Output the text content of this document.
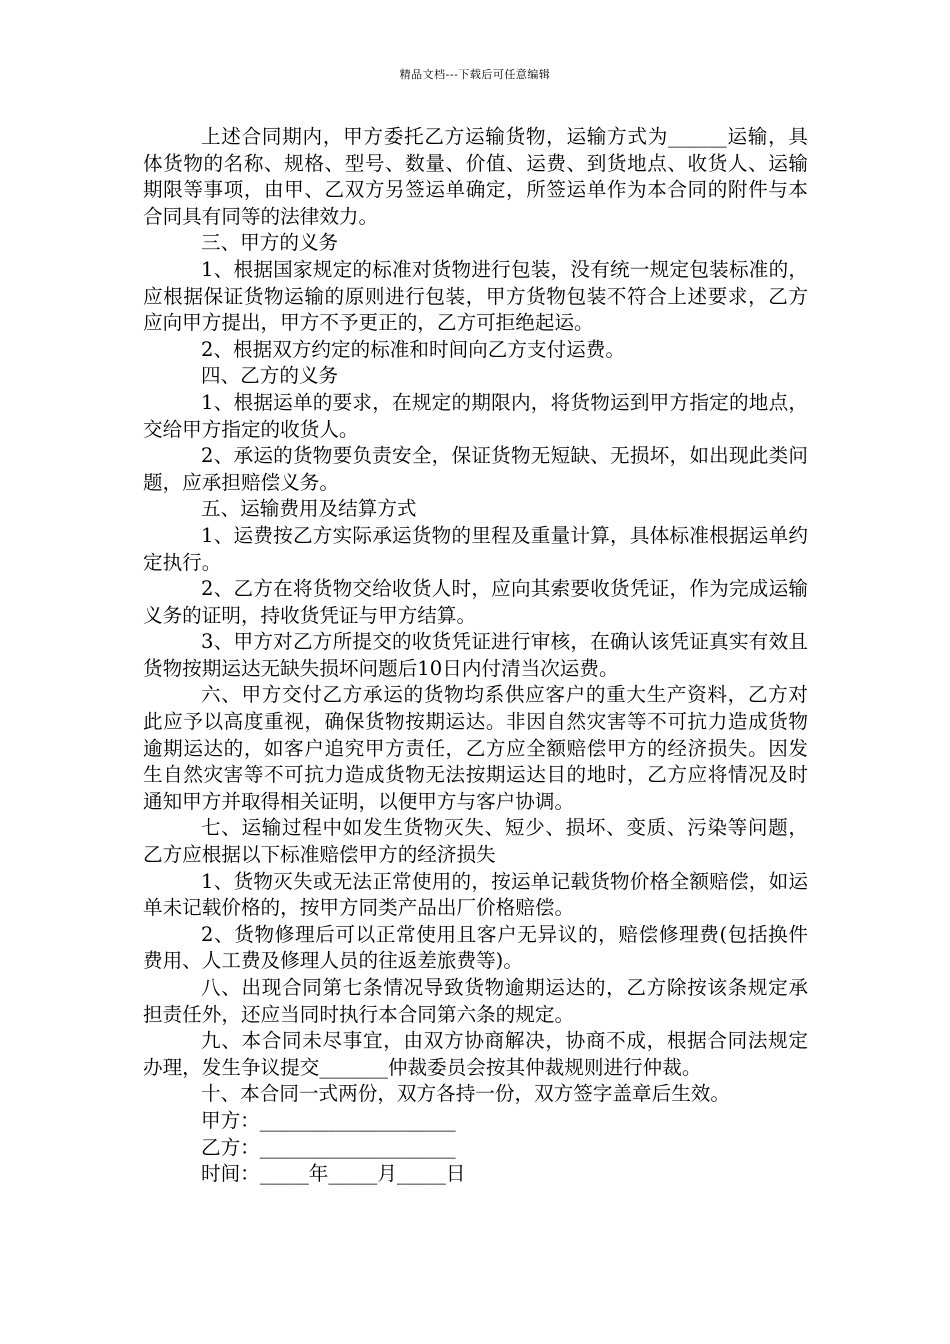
精品文档---下载后可任意编辑

上述合同期内，甲方委托乙方运输货物，运输方式为______运输，具体货物的名称、规格、型号、数量、价值、运费、到货地点、收货人、运输期限等事项，由甲、乙双方另签运单确定，所签运单作为本合同的附件与本合同具有同等的法律效力。

三、甲方的义务

1、根据国家规定的标准对货物进行包装，没有统一规定包装标准的，应根据保证货物运输的原则进行包装，甲方货物包装不符合上述要求，乙方应向甲方提出，甲方不予更正的，乙方可拒绝起运。

2、根据双方约定的标准和时间向乙方支付运费。

四、乙方的义务

1、根据运单的要求，在规定的期限内，将货物运到甲方指定的地点，交给甲方指定的收货人。

2、承运的货物要负责安全，保证货物无短缺、无损坏，如出现此类问题，应承担赔偿义务。

五、运输费用及结算方式

1、运费按乙方实际承运货物的里程及重量计算，具体标准根据运单约定执行。

2、乙方在将货物交给收货人时，应向其索要收货凭证，作为完成运输义务的证明，持收货凭证与甲方结算。

3、甲方对乙方所提交的收货凭证进行审核，在确认该凭证真实有效且货物按期运达无缺失损坏问题后10日内付清当次运费。

六、甲方交付乙方承运的货物均系供应客户的重大生产资料，乙方对此应予以高度重视，确保货物按期运达。非因自然灾害等不可抗力造成货物逾期运达的，如客户追究甲方责任，乙方应全额赔偿甲方的经济损失。因发生自然灾害等不可抗力造成货物无法按期运达目的地时，乙方应将情况及时通知甲方并取得相关证明，以便甲方与客户协调。

七、运输过程中如发生货物灭失、短少、损坏、变质、污染等问题，乙方应根据以下标准赔偿甲方的经济损失

1、货物灭失或无法正常使用的，按运单记载货物价格全额赔偿，如运单未记载价格的，按甲方同类产品出厂价格赔偿。

2、货物修理后可以正常使用且客户无异议的，赔偿修理费(包括换件费用、人工费及修理人员的往返差旅费等)。

八、出现合同第七条情况导致货物逾期运达的，乙方除按该条规定承担责任外，还应当同时执行本合同第六条的规定。

九、本合同未尽事宜，由双方协商解决，协商不成，根据合同法规定办理，发生争议提交_______仲裁委员会按其仲裁规则进行仲裁。

十、本合同一式两份，双方各持一份，双方签字盖章后生效。

甲方：____________________
乙方：____________________
时间：_____年_____月_____日
